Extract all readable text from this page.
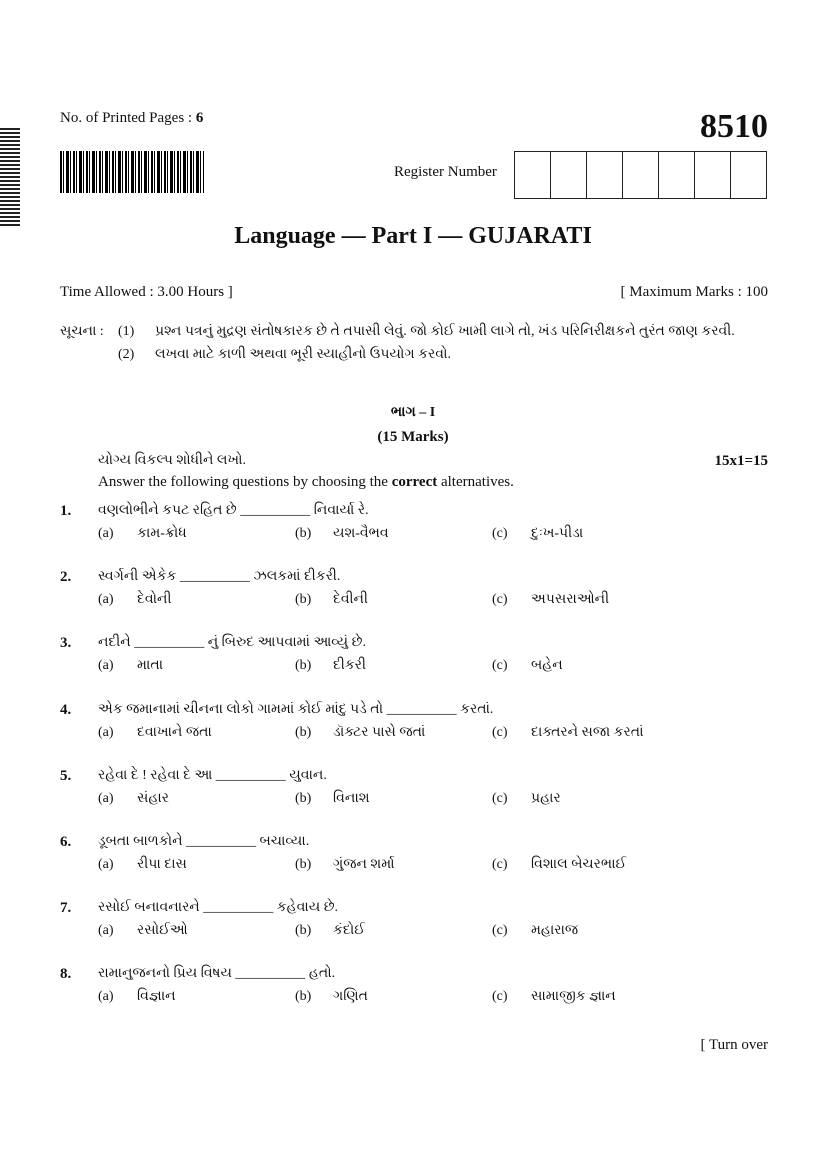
No. of Printed Pages : 6	8510
Register Number
Language — Part I — GUJARATI
Time Allowed : 3.00 Hours ]	[ Maximum Marks : 100
સૂચના : (1) પ્રશ્ન પત્રનું મુદ્રણ સંતોષકારક છે તે તપાસી લેવું. જો કોઈ ખામી લાગે તો, ખંડ પરિનિરીક્ષકને તુરંત જાણ કરવી.
(2) લખવા માટે કાળી અથવા ભૂરી સ્યાહીનો ઉપયોગ કરવો.
ભાગ – I
(15 Marks)
યોગ્ય વિકલ્પ શોધીને લખો.	15x1=15
Answer the following questions by choosing the correct alternatives.
1. વણલોભીને કપટ રહિત છે __________ નિવાર્યા રે.
(a) કામ-ક્રોધ	(b) યશ-વૈભવ	(c) દુઃખ-પીડા
2. સ્વર્ગની એકેક __________ ઝલકમાં દીકરી.
(a) દેવોની	(b) દેવીની	(c) અપસરાઓની
3. નદીને __________ નું બિરુદ આપવામાં આવ્યું છે.
(a) માતા	(b) દીકરી	(c) બહેન
4. એક જમાનામાં ચીનના લોકો ગામમાં કોઈ માંદુ પડે તો __________ કરતાં.
(a) દવાખાને જતા	(b) ડૉક્ટર પાસે જતાં	(c) દાક્તરને સજા કરતાં
5. રહેવા દે ! રહેવા દે આ __________ યુવાન.
(a) સંહાર	(b) વિનાશ	(c) પ્રહાર
6. ડૂબતા બાળકોને __________ બચાવ્યા.
(a) રીપા દાસ	(b) ગુંજન શર્મા	(c) વિશાલ બેચરભાઈ
7. રસોઈ બનાવનારને __________ કહેવાય છે.
(a) રસોઈઓ	(b) કંદોઈ	(c) મહારાજ
8. રામાનુજનનો પ્રિય વિષય __________ હતો.
(a) વિજ્ઞાન	(b) ગણિત	(c) સામાજીક જ્ઞાન
[ Turn over
